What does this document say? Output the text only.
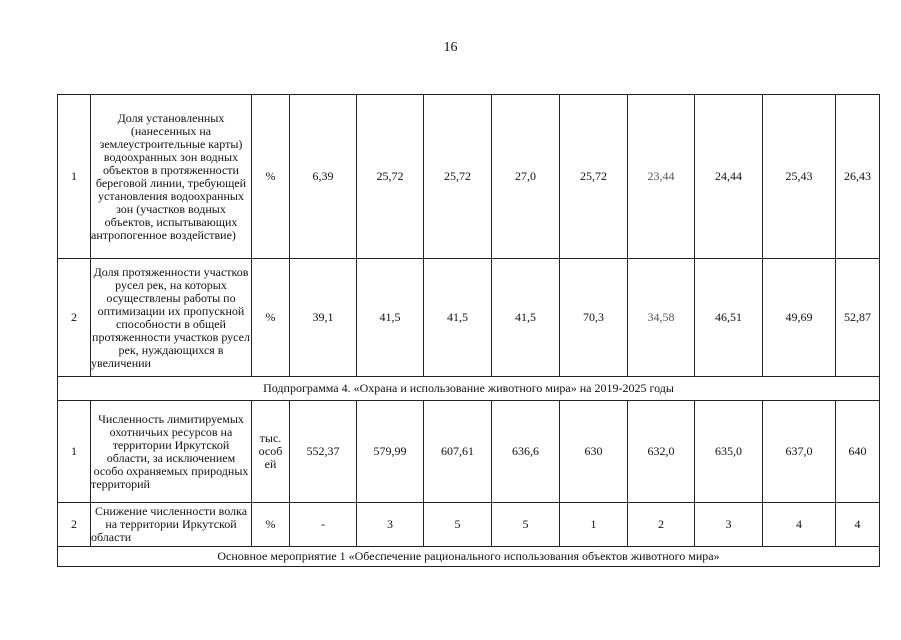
16
1	Доля установленных (нанесенных на землеустроительные карты) водоохранных зон водных объектов в протяженности береговой линии, требующей установления водоохранных зон (участков водных объектов, испытывающих антропогенное воздействие)	%	6,39	25,72	25,72	27,0	25,72	23,44	24,44	25,43	26,43
2	Доля протяженности участков русел рек, на которых осуществлены работы по оптимизации их пропускной способности в общей протяженности участков русел рек, нуждающихся в увеличении	%	39,1	41,5	41,5	41,5	70,3	34,58	46,51	49,69	52,87
Подпрограмма 4. «Охрана и использование животного мира» на 2019-2025 годы											
1	Численность лимитируемых охотничьих ресурсов на территории Иркутской области, за исключением особо охраняемых природных территорий	тыс. особ ей	552,37	579,99	607,61	636,6	630	632,0	635,0	637,0	640
2	Снижение численности волка на территории Иркутской области	%	-	3	5	5	1	2	3	4	4
Основное мероприятие 1 «Обеспечение рационального использования объектов животного мира»											
